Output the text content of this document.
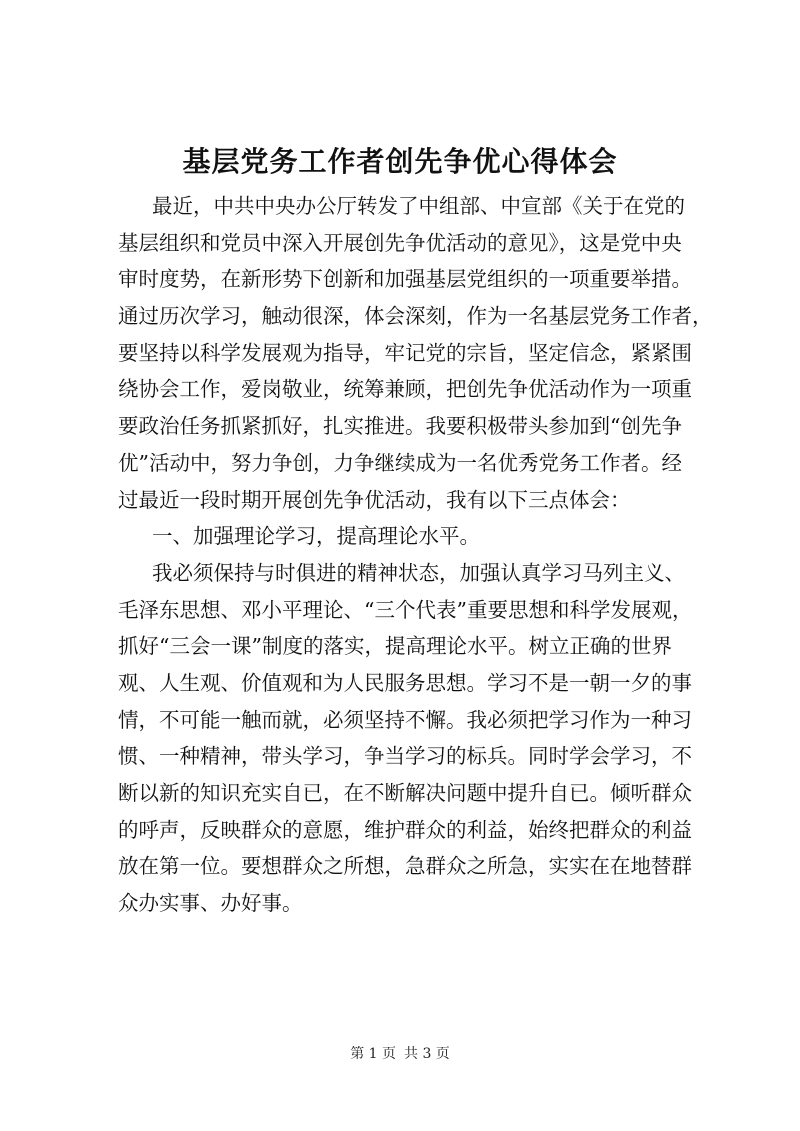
基层党务工作者创先争优心得体会
最近，中共中央办公厅转发了中组部、中宣部《关于在党的
基层组织和党员中深入开展创先争优活动的意见》，这是党中央
审时度势，在新形势下创新和加强基层党组织的一项重要举措。
通过历次学习，触动很深，体会深刻，作为一名基层党务工作者，
要坚持以科学发展观为指导，牢记党的宗旨，坚定信念，紧紧围
绕协会工作，爱岗敬业，统筹兼顾，把创先争优活动作为一项重
要政治任务抓紧抓好，扎实推进。我要积极带头参加到“创先争
优”活动中，努力争创，力争继续成为一名优秀党务工作者。经
过最近一段时期开展创先争优活动，我有以下三点体会：
一、加强理论学习，提高理论水平。
我必须保持与时俱进的精神状态，加强认真学习马列主义、
毛泽东思想、邓小平理论、“三个代表”重要思想和科学发展观，
抓好“三会一课”制度的落实，提高理论水平。树立正确的世界
观、人生观、价值观和为人民服务思想。学习不是一朝一夕的事
情，不可能一触而就，必须坚持不懈。我必须把学习作为一种习
惯、一种精神，带头学习，争当学习的标兵。同时学会学习，不
断以新的知识充实自已，在不断解决问题中提升自已。倾听群众
的呼声，反映群众的意愿，维护群众的利益，始终把群众的利益
放在第一位。要想群众之所想，急群众之所急，实实在在地替群
众办实事、办好事。
第 1 页 共 3 页
